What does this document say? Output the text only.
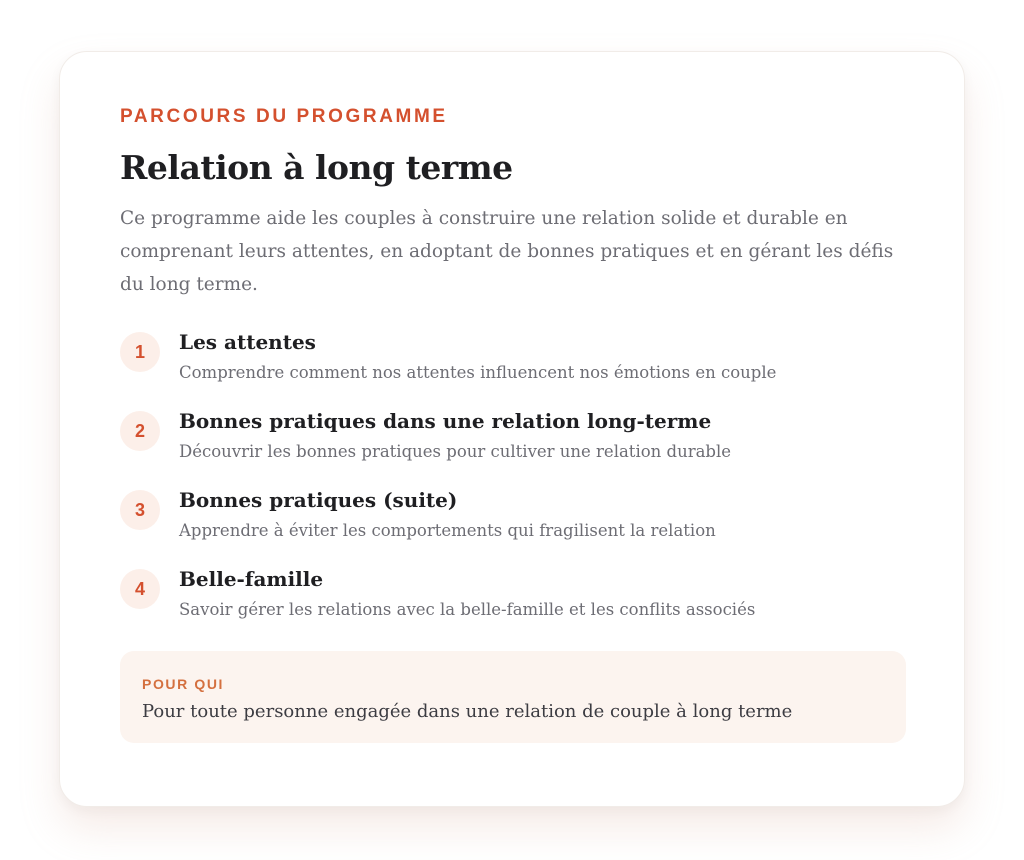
PARCOURS DU PROGRAMME
Relation à long terme

Ce programme aide les couples à construire une relation solide et durable en comprenant leurs attentes, en adoptant de bonnes pratiques et en gérant les défis du long terme.

1	Les attentes
Comprendre comment nos attentes influencent nos émotions en couple
2	Bonnes pratiques dans une relation long-terme
Découvrir les bonnes pratiques pour cultiver une relation durable
3	Bonnes pratiques (suite)
Apprendre à éviter les comportements qui fragilisent la relation
4	Belle-famille
Savoir gérer les relations avec la belle-famille et les conflits associés
POUR QUI
Pour toute personne engagée dans une relation de couple à long terme
